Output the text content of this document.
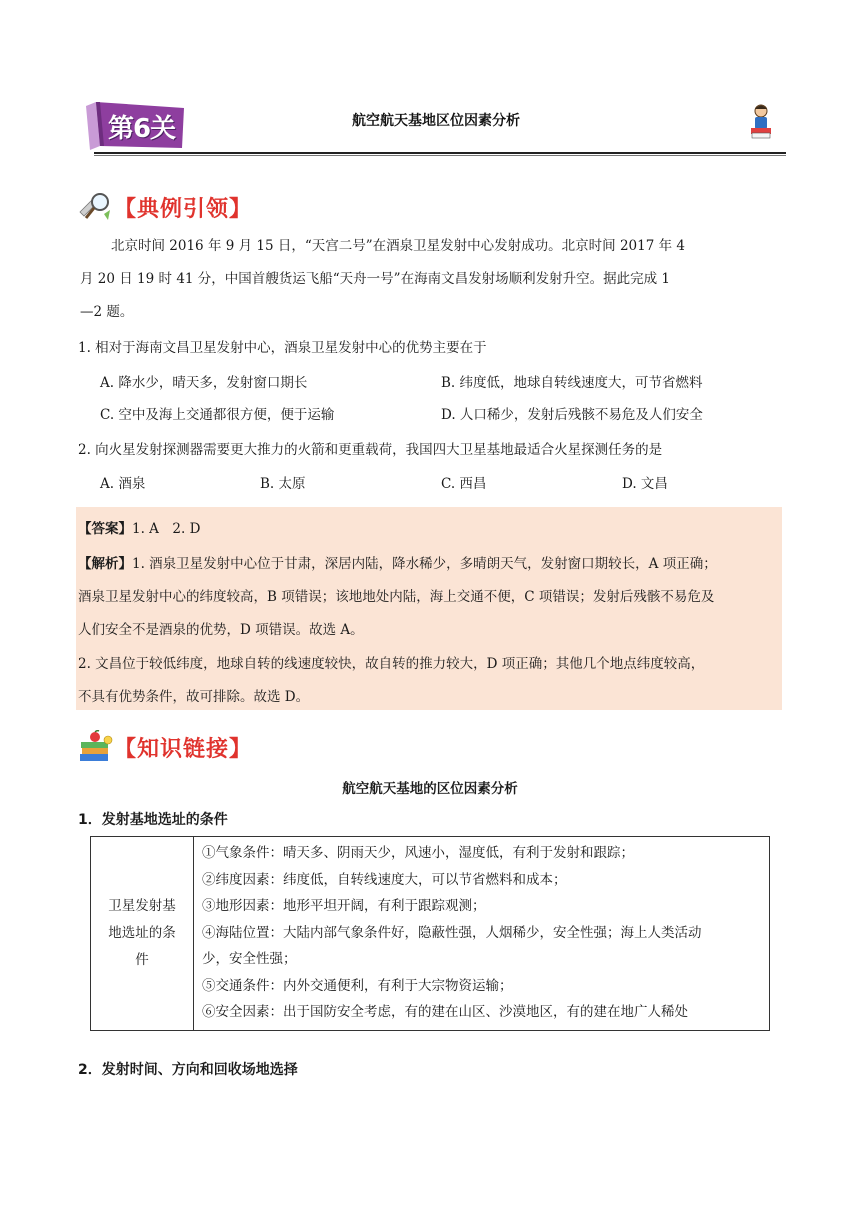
第6关	航空航天基地区位因素分析
【典例引领】
北京时间 2016 年 9 月 15 日，“天宫二号”在酒泉卫星发射中心发射成功。北京时间 2017 年 4
月 20 日 19 时 41 分，中国首艘货运飞船“天舟一号”在海南文昌发射场顺利发射升空。据此完成 1
—2 题。
1. 相对于海南文昌卫星发射中心，酒泉卫星发射中心的优势主要在于
A. 降水少，晴天多，发射窗口期长	B. 纬度低，地球自转线速度大，可节省燃料
C. 空中及海上交通都很方便，便于运输	D. 人口稀少，发射后残骸不易危及人们安全
2. 向火星发射探测器需要更大推力的火箭和更重载荷，我国四大卫星基地最适合火星探测任务的是
A. 酒泉	B. 太原	C. 西昌	D. 文昌
【答案】1. A　2. D
【解析】1. 酒泉卫星发射中心位于甘肃，深居内陆，降水稀少，多晴朗天气，发射窗口期较长，A 项正确；
酒泉卫星发射中心的纬度较高，B 项错误；该地地处内陆，海上交通不便，C 项错误；发射后残骸不易危及
人们安全不是酒泉的优势，D 项错误。故选 A。
2. 文昌位于较低纬度，地球自转的线速度较快，故自转的推力较大，D 项正确；其他几个地点纬度较高，
不具有优势条件，故可排除。故选 D。
【知识链接】
航空航天基地的区位因素分析
1．发射基地选址的条件
卫星发射基
地选址的条
件

①气象条件：晴天多、阴雨天少，风速小，湿度低，有利于发射和跟踪；
②纬度因素：纬度低，自转线速度大，可以节省燃料和成本；
③地形因素：地形平坦开阔，有利于跟踪观测；
④海陆位置：大陆内部气象条件好，隐蔽性强，人烟稀少，安全性强；海上人类活动
少，安全性强；
⑤交通条件：内外交通便利，有利于大宗物资运输；
⑥安全因素：出于国防安全考虑，有的建在山区、沙漠地区，有的建在地广人稀处
2．发射时间、方向和回收场地选择
